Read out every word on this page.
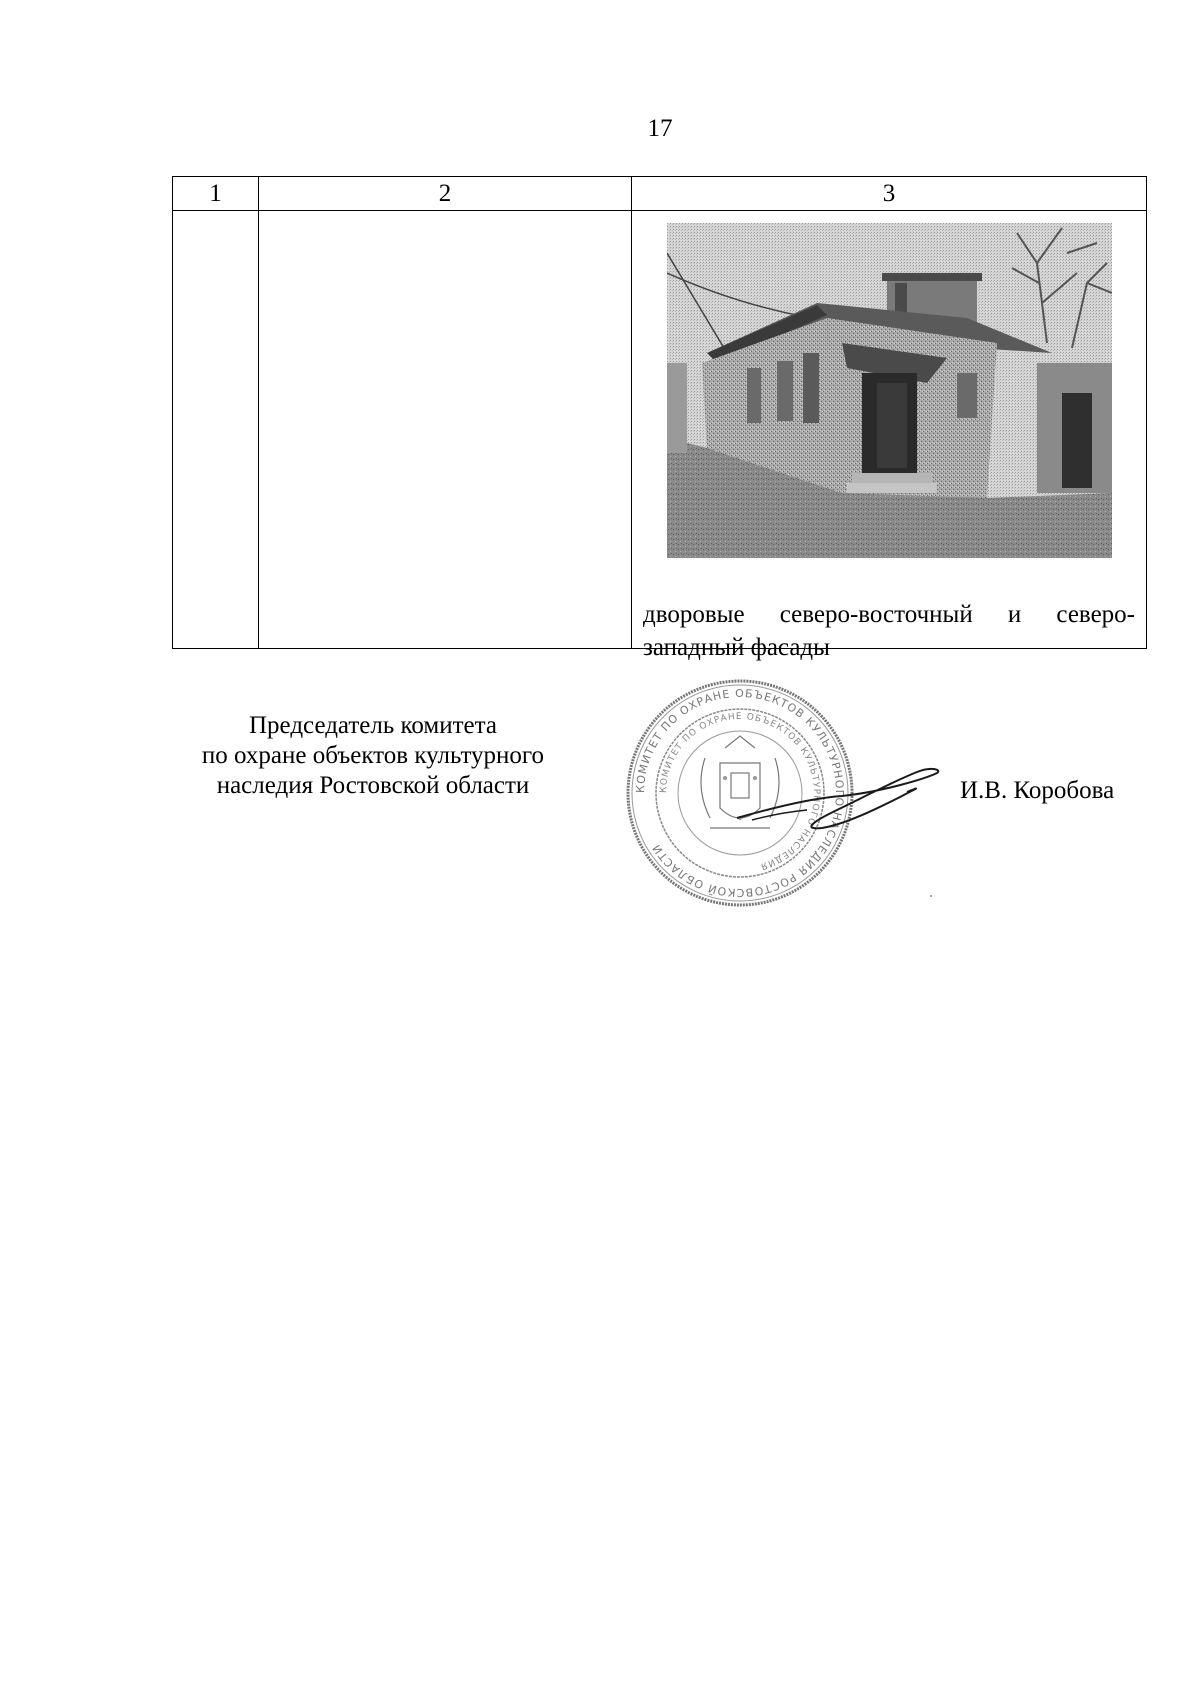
17
1	2	3

		дворовые северо-восточный и северо-западный фасады
Председатель комитета
по охране объектов культурного
наследия Ростовской области	КОМИТЕТ ПО ОХРАНЕ ОБЪЕКТОВ КУЛЬТУРНОГО НАСЛЕДИЯ РОСТОВСКОЙ ОБЛАСТИ
КОМИТЕТ ПО ОХРАНЕ ОБЪЕКТОВ КУЛЬТУРНОГО НАСЛЕДИЯ
И.В. Коробова
